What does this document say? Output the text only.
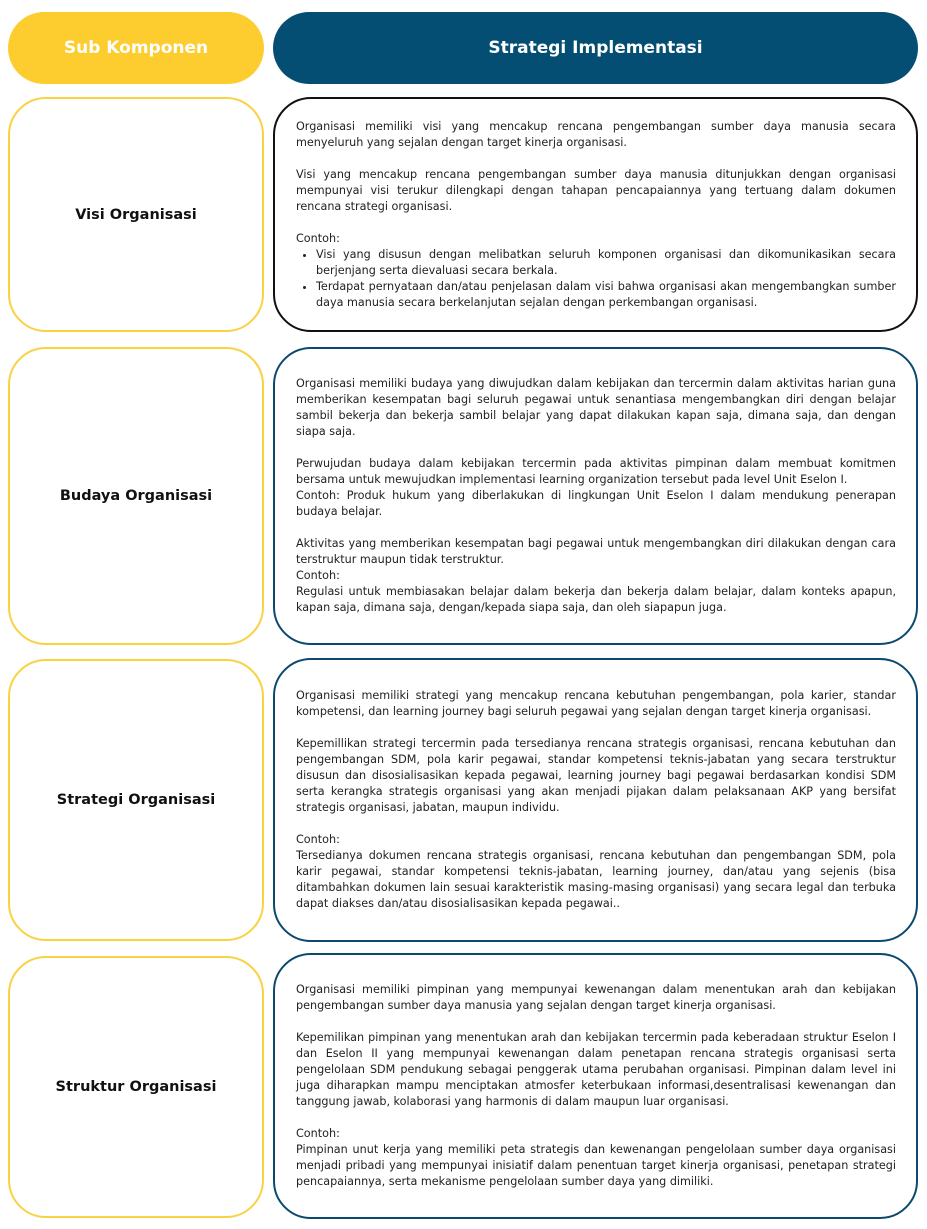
Sub Komponen	Strategi Implementasi
Visi Organisasi

Organisasi memiliki visi yang mencakup rencana pengembangan sumber daya manusia secara menyeluruh yang sejalan dengan target kinerja organisasi.

Visi yang mencakup rencana pengembangan sumber daya manusia ditunjukkan dengan organisasi mempunyai visi terukur dilengkapi dengan tahapan pencapaiannya yang tertuang dalam dokumen rencana strategi organisasi.

Contoh:

• Visi yang disusun dengan melibatkan seluruh komponen organisasi dan dikomunikasikan secara berjenjang serta dievaluasi secara berkala.
• Terdapat pernyataan dan/atau penjelasan dalam visi bahwa organisasi akan mengembangkan sumber daya manusia secara berkelanjutan sejalan dengan perkembangan organisasi.
Budaya Organisasi

Organisasi memiliki budaya yang diwujudkan dalam kebijakan dan tercermin dalam aktivitas harian guna memberikan kesempatan bagi seluruh pegawai untuk senantiasa mengembangkan diri dengan belajar sambil bekerja dan bekerja sambil belajar yang dapat dilakukan kapan saja, dimana saja, dan dengan siapa saja.

Perwujudan budaya dalam kebijakan tercermin pada aktivitas pimpinan dalam membuat komitmen bersama untuk mewujudkan implementasi learning organization tersebut pada level Unit Eselon I.

Contoh: Produk hukum yang diberlakukan di lingkungan Unit Eselon I dalam mendukung penerapan budaya belajar.

Aktivitas yang memberikan kesempatan bagi pegawai untuk mengembangkan diri dilakukan dengan cara terstruktur maupun tidak terstruktur.

Contoh:

Regulasi untuk membiasakan belajar dalam bekerja dan bekerja dalam belajar, dalam konteks apapun, kapan saja, dimana saja, dengan/kepada siapa saja, dan oleh siapapun juga.

Strategi Organisasi

Organisasi memiliki strategi yang mencakup rencana kebutuhan pengembangan, pola karier, standar kompetensi, dan learning journey bagi seluruh pegawai yang sejalan dengan target kinerja organisasi.

Kepemillikan strategi tercermin pada tersedianya rencana strategis organisasi, rencana kebutuhan dan pengembangan SDM, pola karir pegawai, standar kompetensi teknis-jabatan yang secara terstruktur disusun dan disosialisasikan kepada pegawai, learning journey bagi pegawai berdasarkan kondisi SDM serta kerangka strategis organisasi yang akan menjadi pijakan dalam pelaksanaan AKP yang bersifat strategis organisasi, jabatan, maupun individu.

Contoh:

Tersedianya dokumen rencana strategis organisasi, rencana kebutuhan dan pengembangan SDM, pola karir pegawai, standar kompetensi teknis-jabatan, learning journey, dan/atau yang sejenis (bisa ditambahkan dokumen lain sesuai karakteristik masing-masing organisasi) yang secara legal dan terbuka dapat diakses dan/atau disosialisasikan kepada pegawai..

Struktur Organisasi

Organisasi memiliki pimpinan yang mempunyai kewenangan dalam menentukan arah dan kebijakan pengembangan sumber daya manusia yang sejalan dengan target kinerja organisasi.

Kepemilikan pimpinan yang menentukan arah dan kebijakan tercermin pada keberadaan struktur Eselon I dan Eselon II yang mempunyai kewenangan dalam penetapan rencana strategis organisasi serta pengelolaan SDM pendukung sebagai penggerak utama perubahan organisasi. Pimpinan dalam level ini juga diharapkan mampu menciptakan atmosfer keterbukaan informasi,desentralisasi kewenangan dan tanggung jawab, kolaborasi yang harmonis di dalam maupun luar organisasi.

Contoh:

Pimpinan unut kerja yang memiliki peta strategis dan kewenangan pengelolaan sumber daya organisasi menjadi pribadi yang mempunyai inisiatif dalam penentuan target kinerja organisasi, penetapan strategi pencapaiannya, serta mekanisme pengelolaan sumber daya yang dimiliki.
